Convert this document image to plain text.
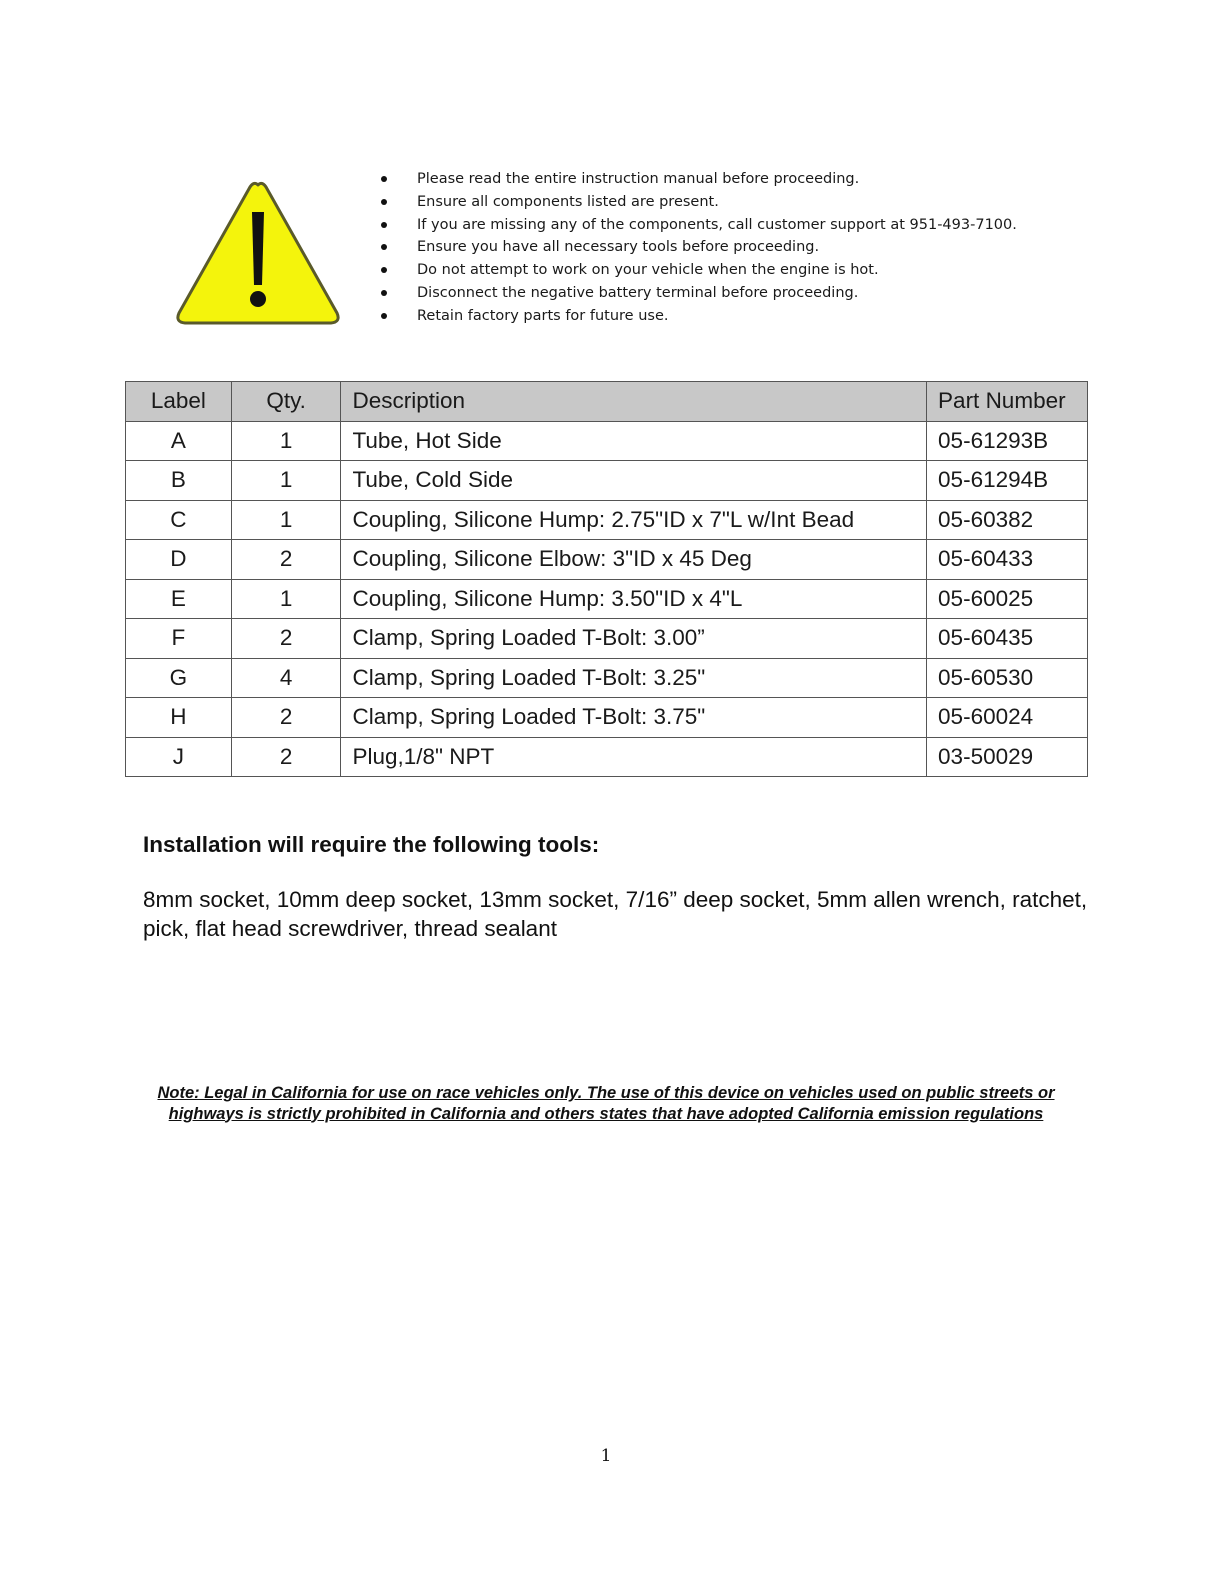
Please read the entire instruction manual before proceeding.
Ensure all components listed are present.
If you are missing any of the components, call customer support at 951-493-7100.
Ensure you have all necessary tools before proceeding.
Do not attempt to work on your vehicle when the engine is hot.
Disconnect the negative battery terminal before proceeding.
Retain factory parts for future use.
Label	Qty.	Description	Part Number
A	1	Tube, Hot Side	05-61293B
B	1	Tube, Cold Side	05-61294B
C	1	Coupling, Silicone Hump: 2.75"ID x 7"L w/Int Bead	05-60382
D	2	Coupling, Silicone Elbow: 3"ID x 45 Deg	05-60433
E	1	Coupling, Silicone Hump: 3.50"ID x 4"L	05-60025
F	2	Clamp, Spring Loaded T-Bolt: 3.00”	05-60435
G	4	Clamp, Spring Loaded T-Bolt: 3.25"	05-60530
H	2	Clamp, Spring Loaded T-Bolt: 3.75"	05-60024
J	2	Plug,1/8" NPT	03-50029
Installation will require the following tools:

8mm socket, 10mm deep socket, 13mm socket, 7/16” deep socket, 5mm allen wrench, ratchet, pick, flat head screwdriver, thread sealant

Note: Legal in California for use on race vehicles only. The use of this device on vehicles used on public streets or highways is strictly prohibited in California and others states that have adopted California emission regulations

1
